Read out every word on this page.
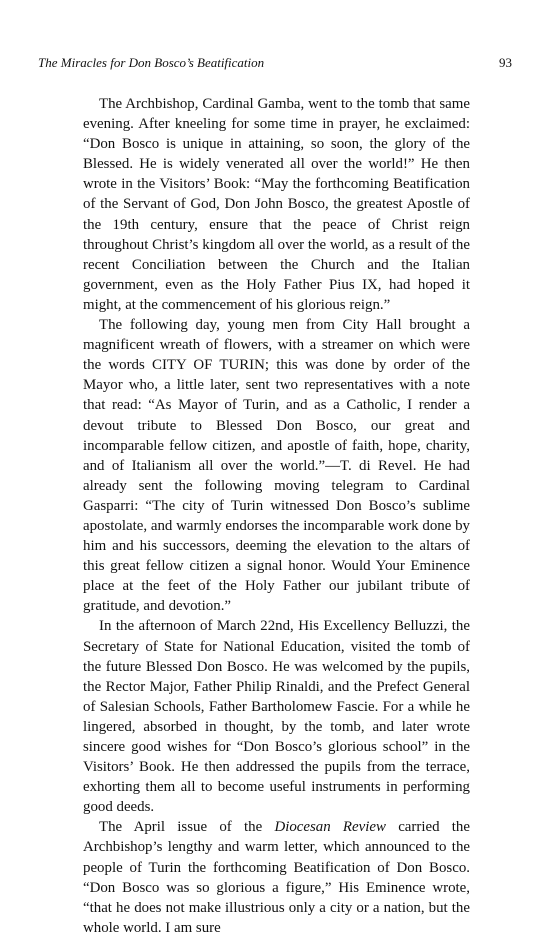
The Miracles for Don Bosco’s Beatification	93

The Archbishop, Cardinal Gamba, went to the tomb that same evening. After kneeling for some time in prayer, he exclaimed: “Don Bosco is unique in attaining, so soon, the glory of the Blessed. He is widely venerated all over the world!” He then wrote in the Visitors’ Book: “May the forthcoming Beatification of the Servant of God, Don John Bosco, the greatest Apostle of the 19th century, ensure that the peace of Christ reign throughout Christ’s kingdom all over the world, as a result of the recent Conciliation between the Church and the Italian government, even as the Holy Father Pius IX, had hoped it might, at the commencement of his glorious reign.”

The following day, young men from City Hall brought a magnificent wreath of flowers, with a streamer on which were the words CITY OF TURIN; this was done by order of the Mayor who, a little later, sent two representatives with a note that read: “As Mayor of Turin, and as a Catholic, I render a devout tribute to Blessed Don Bosco, our great and incomparable fellow citizen, and apostle of faith, hope, charity, and of Italianism all over the world.”—T. di Revel. He had already sent the following moving telegram to Cardinal Gasparri: “The city of Turin witnessed Don Bosco’s sublime apostolate, and warmly endorses the incomparable work done by him and his successors, deeming the elevation to the altars of this great fellow citizen a signal honor. Would Your Eminence place at the feet of the Holy Father our jubilant tribute of gratitude, and devotion.”

In the afternoon of March 22nd, His Excellency Belluzzi, the Secretary of State for National Education, visited the tomb of the future Blessed Don Bosco. He was welcomed by the pupils, the Rector Major, Father Philip Rinaldi, and the Prefect General of Salesian Schools, Father Bartholomew Fascie. For a while he lingered, absorbed in thought, by the tomb, and later wrote sincere good wishes for “Don Bosco’s glorious school” in the Visitors’ Book. He then addressed the pupils from the terrace, exhorting them all to become useful instruments in performing good deeds.

The April issue of the Diocesan Review carried the Archbishop’s lengthy and warm letter, which announced to the people of Turin the forthcoming Beatification of Don Bosco. “Don Bosco was so glorious a figure,” His Eminence wrote, “that he does not make illustrious only a city or a nation, but the whole world. I am sure
